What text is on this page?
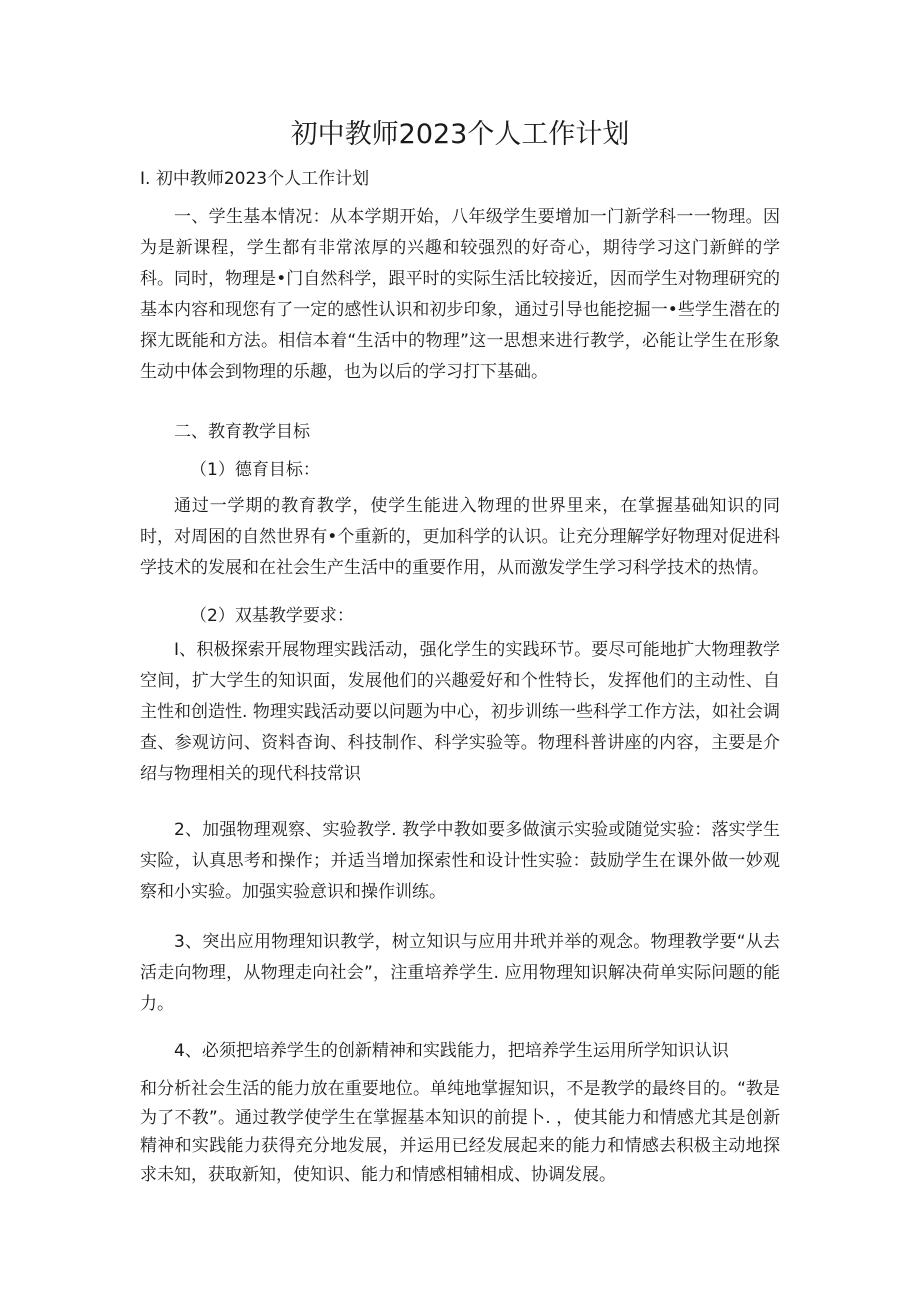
初中教师2023个人工作计划

I. 初中教师2023个人工作计划

一、学生基本情况：从本学期开始，八年级学生要增加一门新学科一一物理。因为是新课程，学生都有非常浓厚的兴趣和较强烈的好奇心，期待学习这门新鲜的学科。同时，物理是•门自然科学，跟平时的实际生活比较接近，因而学生对物理研究的基本内容和现您有了一定的感性认识和初步印象，通过引导也能挖掘一•些学生潜在的探尢既能和方法。相信本着“生活中的物理”这一思想来进行教学，必能让学生在形象生动中体会到物理的乐趣，也为以后的学习打下基础。

二、教育教学目标

（1）德育目标：

通过一学期的教育教学，使学生能进入物理的世界里来，在掌握基础知识的同时，对周困的自然世界有•个重新的，更加科学的认识。让充分理解学好物理对促进科学技术的发展和在社会生产生活中的重要作用，从而激发学生学习科学技术的热情。

（2）双基教学要求：

I、积极探索开展物理实践活动，强化学生的实践环节。要尽可能地扩大物理教学空间，扩大学生的知识面，发展他们的兴趣爱好和个性特长，发挥他们的主动性、自主性和创造性. 物理实践活动要以问题为中心，初步训练一些科学工作方法，如社会调查、参观访问、资料杳询、科技制作、科学实验等。物理科普讲座的内容，主要是介绍与物理相关的现代科技常识

2、加强物理观察、实验教学. 教学中教如要多做演示实验或随觉实验：落实学生实险，认真思考和操作；并适当增加探索性和设计性实验：鼓励学生在课外做一妙观察和小实验。加强实验意识和操作训练。

3、突出应用物理知识教学，树立知识与应用井玳并举的观念。物理教学要“从去活走向物理，从物理走向社会”，注重培养学生. 应用物理知识解决荷单实际问题的能力。

4、必须把培养学生的创新精神和实践能力，把培养学生运用所学知识认识

和分析社会生活的能力放在重要地位。单纯地掌握知识，不是教学的最终目的。“教是为了不教”。通过教学使学生在掌握基本知识的前提卜. ，使其能力和情感尤其是创新精神和实践能力获得充分地发展，并运用已经发展起来的能力和情感去积极主动地探求未知，获取新知，使知识、能力和情感相辅相成、协调发展。
